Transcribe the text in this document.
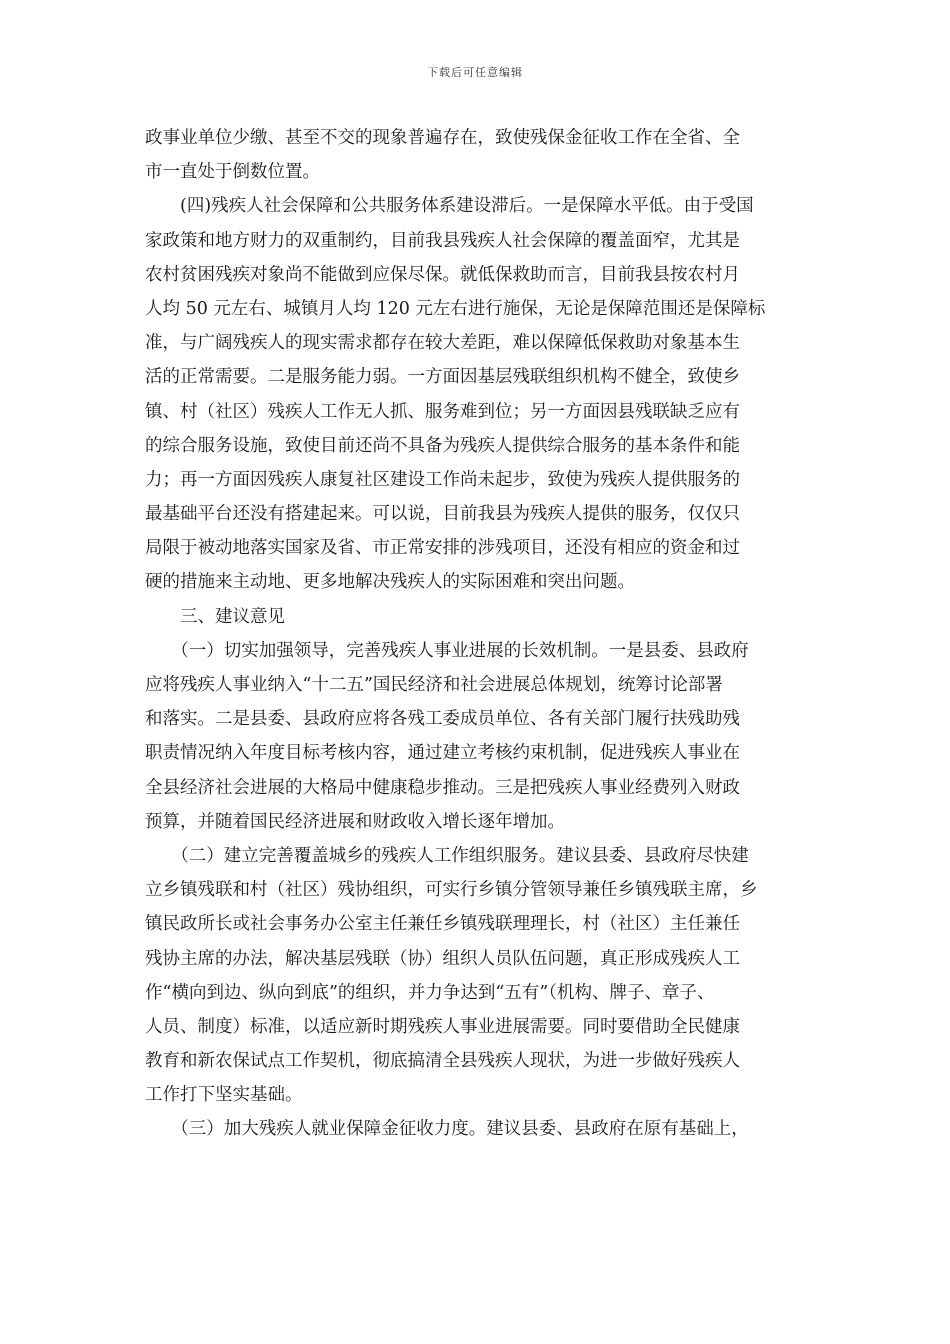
下载后可任意编辑
政事业单位少缴、甚至不交的现象普遍存在，致使残保金征收工作在全省、全
市一直处于倒数位置。
　　(四)残疾人社会保障和公共服务体系建设滞后。一是保障水平低。由于受国
家政策和地方财力的双重制约，目前我县残疾人社会保障的覆盖面窄，尤其是
农村贫困残疾对象尚不能做到应保尽保。就低保救助而言，目前我县按农村月
人均 50 元左右、城镇月人均 120 元左右进行施保，无论是保障范围还是保障标
准，与广阔残疾人的现实需求都存在较大差距，难以保障低保救助对象基本生
活的正常需要。二是服务能力弱。一方面因基层残联组织机构不健全，致使乡
镇、村（社区）残疾人工作无人抓、服务难到位；另一方面因县残联缺乏应有
的综合服务设施，致使目前还尚不具备为残疾人提供综合服务的基本条件和能
力；再一方面因残疾人康复社区建设工作尚未起步，致使为残疾人提供服务的
最基础平台还没有搭建起来。可以说，目前我县为残疾人提供的服务，仅仅只
局限于被动地落实国家及省、市正常安排的涉残项目，还没有相应的资金和过
硬的措施来主动地、更多地解决残疾人的实际困难和突出问题。
　　三、建议意见
　　（一）切实加强领导，完善残疾人事业进展的长效机制。一是县委、县政府
应将残疾人事业纳入“十二五”国民经济和社会进展总体规划，统筹讨论部署
和落实。二是县委、县政府应将各残工委成员单位、各有关部门履行扶残助残
职责情况纳入年度目标考核内容，通过建立考核约束机制，促进残疾人事业在
全县经济社会进展的大格局中健康稳步推动。三是把残疾人事业经费列入财政
预算，并随着国民经济进展和财政收入增长逐年增加。
　　（二）建立完善覆盖城乡的残疾人工作组织服务。建议县委、县政府尽快建
立乡镇残联和村（社区）残协组织，可实行乡镇分管领导兼任乡镇残联主席，乡
镇民政所长或社会事务办公室主任兼任乡镇残联理理长，村（社区）主任兼任
残协主席的办法，解决基层残联（协）组织人员队伍问题，真正形成残疾人工
作“横向到边、纵向到底”的组织，并力争达到“五有”（机构、牌子、章子、
人员、制度）标准，以适应新时期残疾人事业进展需要。同时要借助全民健康
教育和新农保试点工作契机，彻底搞清全县残疾人现状，为进一步做好残疾人
工作打下坚实基础。
　　（三）加大残疾人就业保障金征收力度。建议县委、县政府在原有基础上，
